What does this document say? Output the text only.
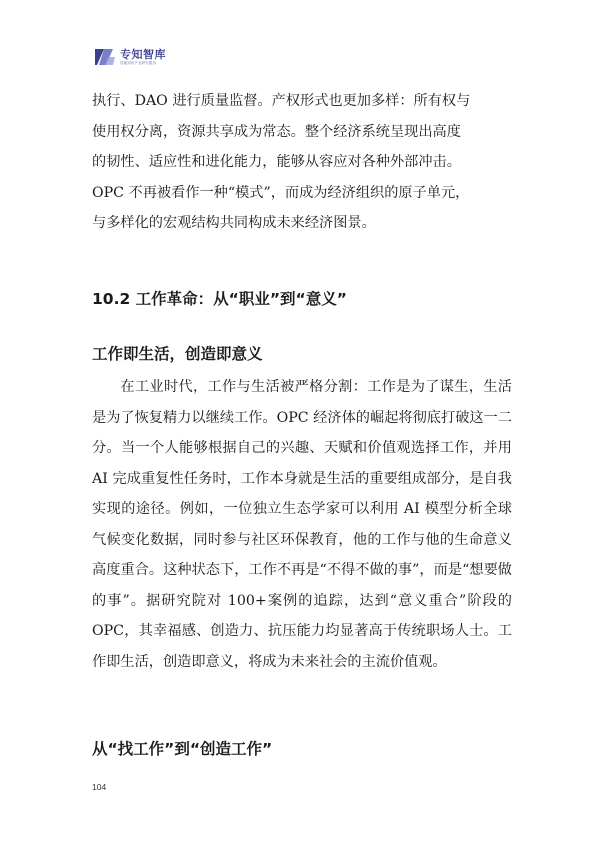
专知智库
智能知识产业研究服务

执行、DAO 进行质量监督。产权形式也更加多样：所有权与

使用权分离，资源共享成为常态。整个经济系统呈现出高度

的韧性、适应性和进化能力，能够从容应对各种外部冲击。

OPC 不再被看作一种“模式”，而成为经济组织的原子单元，

与多样化的宏观结构共同构成未来经济图景。

10.2 工作革命：从“职业”到“意义”
工作即生活，创造即意义

在工业时代，工作与生活被严格分割：工作是为了谋生，生活是为了恢复精力以继续工作。OPC 经济体的崛起将彻底打破这一二分。当一个人能够根据自己的兴趣、天赋和价值观选择工作，并用 AI 完成重复性任务时，工作本身就是生活的重要组成部分，是自我实现的途径。例如，一位独立生态学家可以利用 AI 模型分析全球气候变化数据，同时参与社区环保教育，他的工作与他的生命意义高度重合。这种状态下，工作不再是“不得不做的事”，而是“想要做的事”。据研究院对 100+案例的追踪，达到“意义重合”阶段的 OPC，其幸福感、创造力、抗压能力均显著高于传统职场人士。工作即生活，创造即意义，将成为未来社会的主流价值观。

从“找工作”到“创造工作”
104
